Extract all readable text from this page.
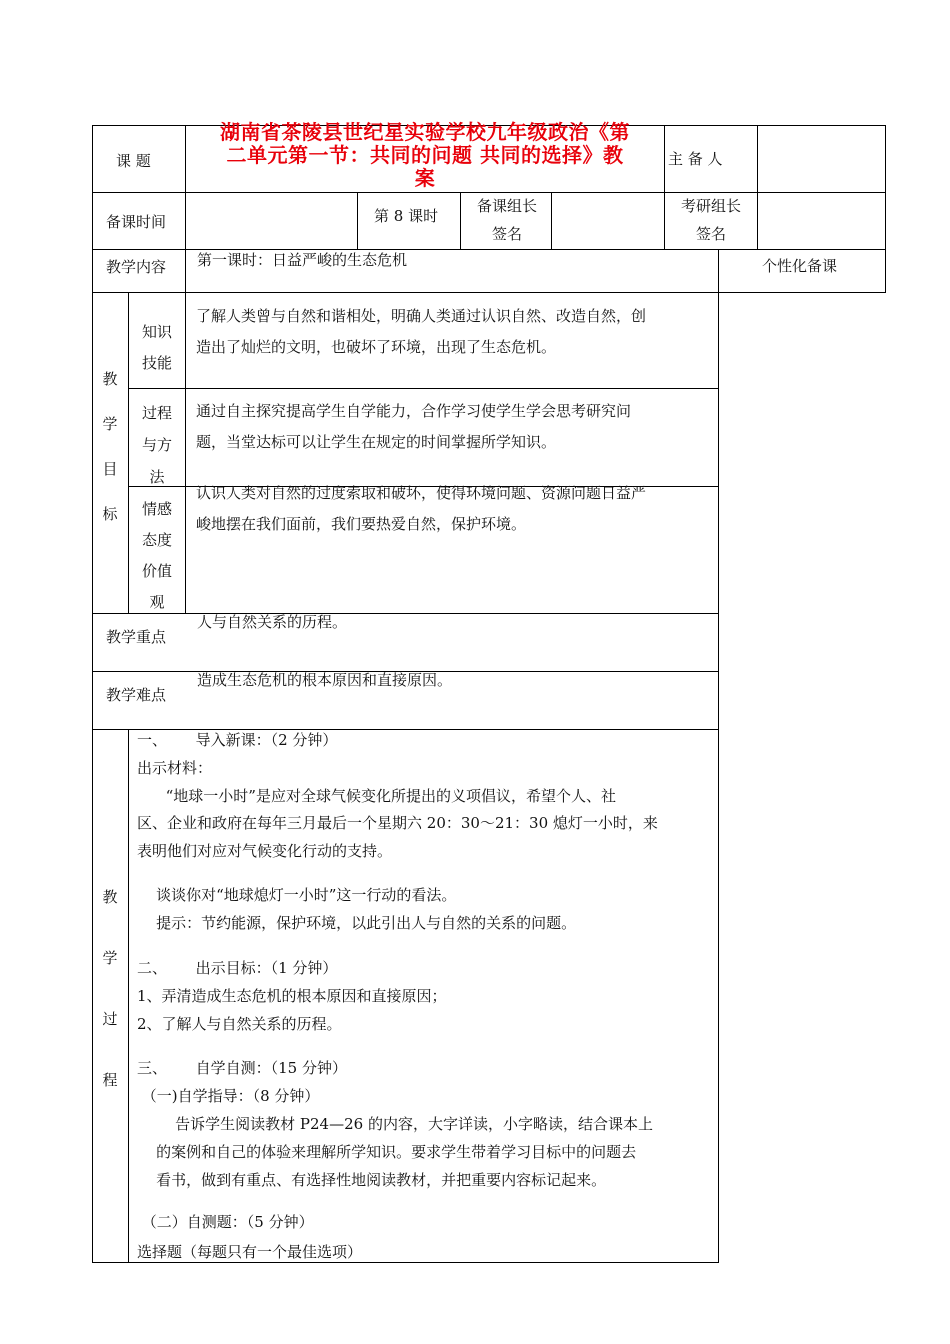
课 题
湖南省茶陵县世纪星实验学校九年级政治《第
二单元第一节：共同的问题 共同的选择》教
案
主 备 人
备课时间	第 8 课时
备课组长
签名
考研组长
签名
教学内容 第一课时：日益严峻的生态危机	个性化备课
教
学
目
标
知识
技能
了解人类曾与自然和谐相处，明确人类通过认识自然、改造自然，创
造出了灿烂的文明，也破坏了环境，出现了生态危机。
过程
与方
法
通过自主探究提高学生自学能力，合作学习使学生学会思考研究问
题，当堂达标可以让学生在规定的时间掌握所学知识。
情感
态度
价值
观
认识人类对自然的过度索取和破坏，使得环境问题、资源问题日益严
峻地摆在我们面前，我们要热爱自然，保护环境。
教学重点
人与自然关系的历程。
教学难点
造成生态危机的根本原因和直接原因。
教
学
过
程

一、      导入新课：（2 分钟）

出示材料：

“地球一小时”是应对全球气候变化所提出的义项倡议，希望个人、社

区、企业和政府在每年三月最后一个星期六 20：30～21：30 熄灯一小时，来

表明他们对应对气候变化行动的支持。

谈谈你对“地球熄灯一小时”这一行动的看法。

提示：节约能源，保护环境，以此引出人与自然的关系的问题。

二、      出示目标：（1 分钟）

1、弄清造成生态危机的根本原因和直接原因；

2、了解人与自然关系的历程。

三、      自学自测：（15 分钟）

（一)自学指导：（8 分钟）

告诉学生阅读教材 P24—26 的内容，大字详读，小字略读，结合课本上

的案例和自己的体验来理解所学知识。要求学生带着学习目标中的问题去

看书，做到有重点、有选择性地阅读教材，并把重要内容标记起来。

（二）自测题：（5 分钟）

选择题（每题只有一个最佳选项）
